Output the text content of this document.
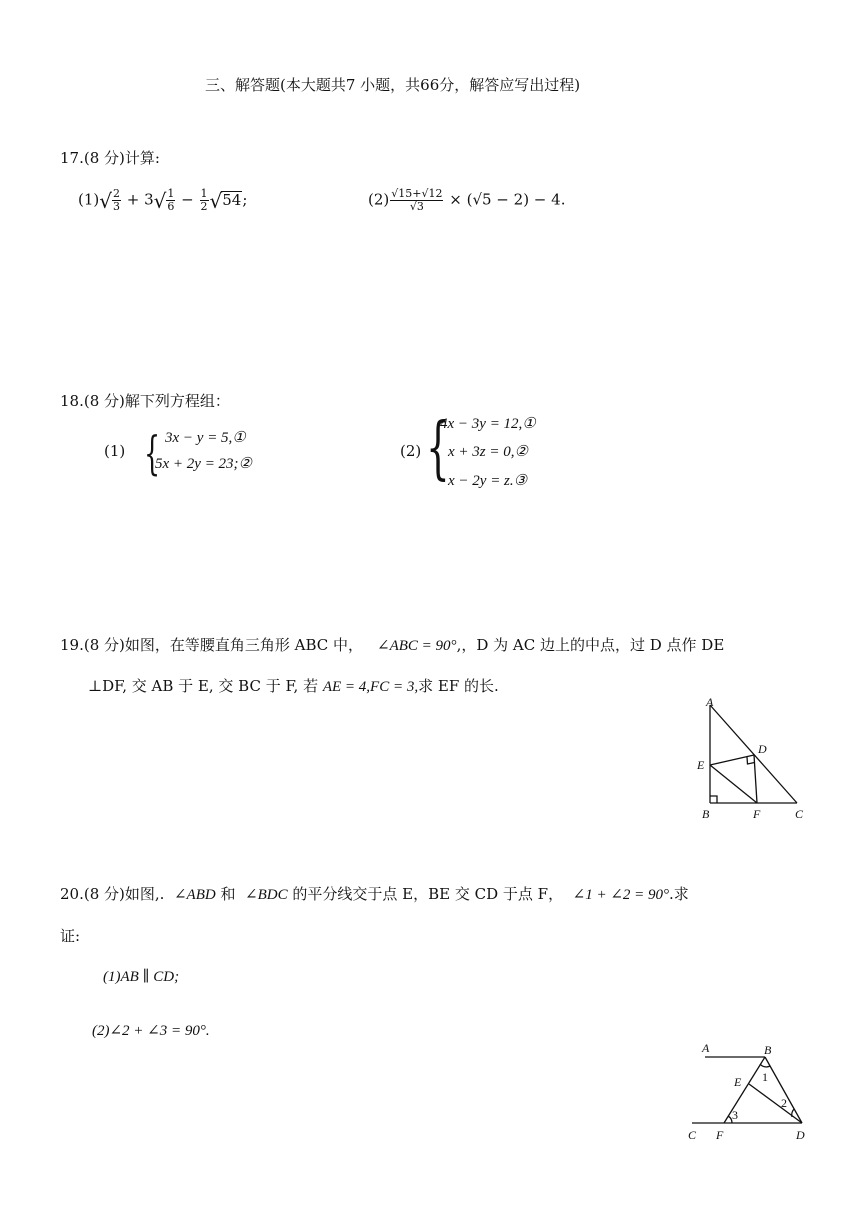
三、解答题(本大题共7 小题，共66分，解答应写出过程)
17.(8 分)计算:
$(1)√ \frac{2}{3} + 3√ \frac{1}{6} - \frac{1}{2} √54$;	$(2) \frac{√15+√12}{√3} \times (√5 - 2) - 4$.
18.(8 分)解下列方程组：
(1) { 3x − y = 5,①
5x + 2y = 23;②
(2) {
4x − 3y = 12,①
x + 3z = 0,②
x − 2y = z.③
19.(8 分)如图，在等腰直角三角形 ABC 中， ∠ABC = 90°,，D 为 AC 边上的中点，过 D 点作 DE
⊥DF, 交 AB 于 E, 交 BC 于 F, 若 AE = 4,FC = 3,求 EF 的长.
A
D
E
B	F	C
20.(8 分)如图,. ∠ABD 和 ∠BDC 的平分线交于点 E，BE 交 CD 于点 F， ∠1 + ∠2 = 90°.求
证:
(1)AB ∥ CD;
(2)∠2 + ∠3 = 90°.
A	B
E 1
2
3
C F	D
